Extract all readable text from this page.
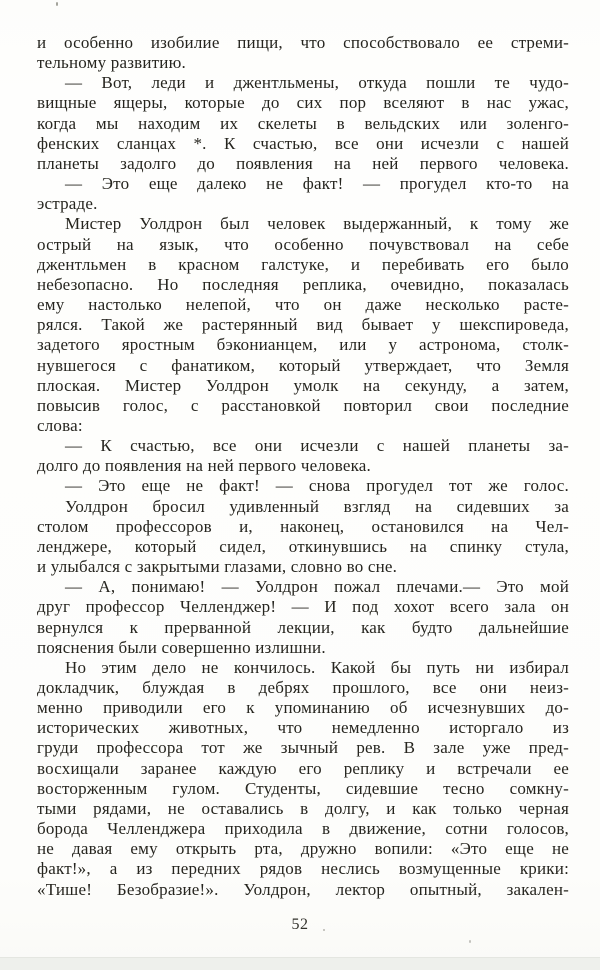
и особенно изобилие пищи, что способствовало ее стреми-
тельному развитию.
— Вот, леди и джентльмены, откуда пошли те чудо-
вищные ящеры, которые до сих пор вселяют в нас ужас,
когда мы находим их скелеты в вельдских или золенго-
фенских сланцах *. К счастью, все они исчезли с нашей
планеты задолго до появления на ней первого человека.
— Это еще далеко не факт! — прогудел кто-то на
эстраде.
Мистер Уолдрон был человек выдержанный, к тому же
острый на язык, что особенно почувствовал на себе
джентльмен в красном галстуке, и перебивать его было
небезопасно. Но последняя реплика, очевидно, показалась
ему настолько нелепой, что он даже несколько расте-
рялся. Такой же растерянный вид бывает у шекспироведа,
задетого яростным бэконианцем, или у астронома, столк-
нувшегося с фанатиком, который утверждает, что Земля
плоская. Мистер Уолдрон умолк на секунду, а затем,
повысив голос, с расстановкой повторил свои последние
слова:
— К счастью, все они исчезли с нашей планеты за-
долго до появления на ней первого человека.
— Это еще не факт! — снова прогудел тот же голос.
Уолдрон бросил удивленный взгляд на сидевших за
столом профессоров и, наконец, остановился на Чел-
ленджере, который сидел, откинувшись на спинку стула,
и улыбался с закрытыми глазами, словно во сне.
— А, понимаю! — Уолдрон пожал плечами.— Это мой
друг профессор Челленджер! — И под хохот всего зала он
вернулся к прерванной лекции, как будто дальнейшие
пояснения были совершенно излишни.
Но этим дело не кончилось. Какой бы путь ни избирал
докладчик, блуждая в дебрях прошлого, все они неиз-
менно приводили его к упоминанию об исчезнувших до-
исторических животных, что немедленно исторгало из
груди профессора тот же зычный рев. В зале уже пред-
восхищали заранее каждую его реплику и встречали ее
восторженным гулом. Студенты, сидевшие тесно сомкну-
тыми рядами, не оставались в долгу, и как только черная
борода Челленджера приходила в движение, сотни голосов,
не давая ему открыть рта, дружно вопили: «Это еще не
факт!», а из передних рядов неслись возмущенные крики:
«Тише! Безобразие!». Уолдрон, лектор опытный, закален-
52
